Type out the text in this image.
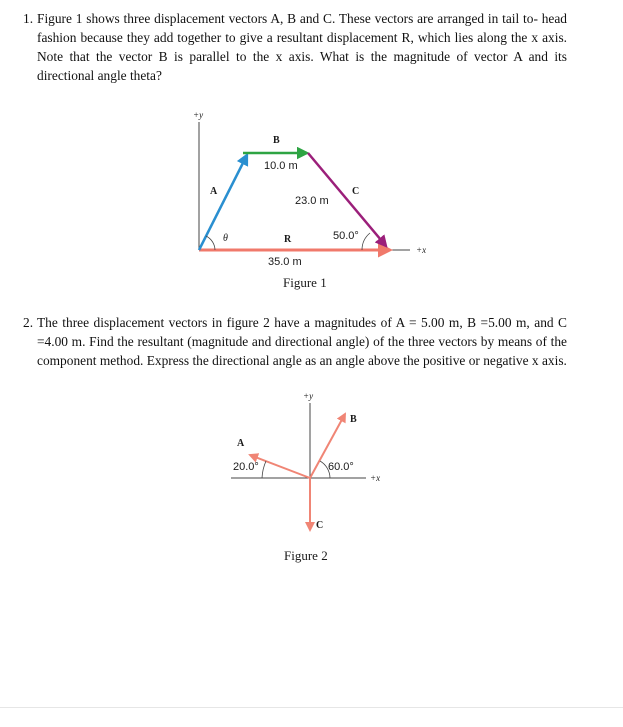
1. Figure 1 shows three displacement vectors A, B and C. These vectors are arranged in tail to- head fashion because they add together to give a resultant displacement R, which lies along the x axis. Note that the vector B is parallel to the x axis. What is the magnitude of vector A and its directional angle theta?
2. The three displacement vectors in figure 2 have a magnitudes of A = 5.00 m, B =5.00 m, and C =4.00 m. Find the resultant (magnitude and directional angle) of the three vectors by means of the component method. Express the directional angle as an angle above the positive or negative x axis.
+y
+x
A⃗
B⃗
C⃗
R⃗
10.0 m
23.0 m
35.0 m
50.0°
θ
Figure 1
+y
+x
A⃗
B⃗
C⃗
20.0°	60.0°
Figure 2
